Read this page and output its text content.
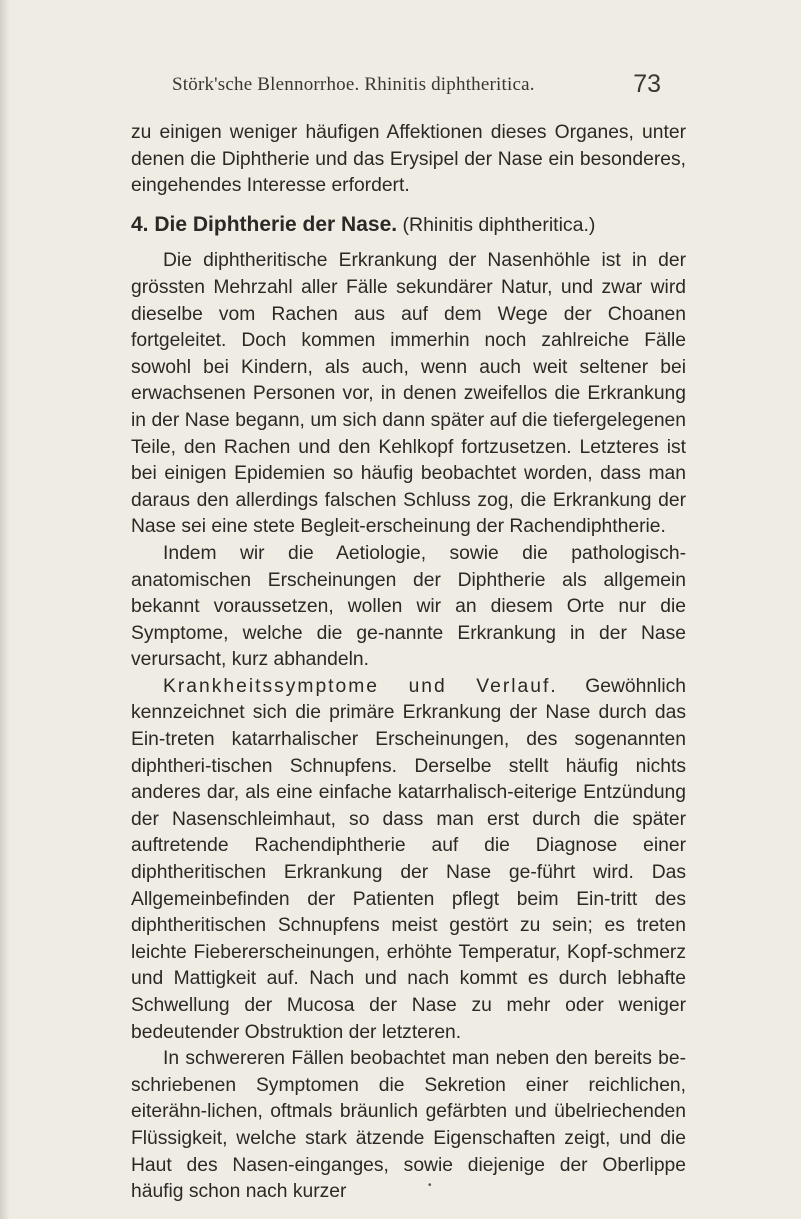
Störk'sche Blennorrhoe. Rhinitis diphtheritica.	73

zu einigen weniger häufigen Affektionen dieses Organes, unter denen die Diphtherie und das Erysipel der Nase ein besonderes, eingehendes Interesse erfordert.

4. Die Diphtherie der Nase. (Rhinitis diphtheritica.)

Die diphtheritische Erkrankung der Nasenhöhle ist in der grössten Mehrzahl aller Fälle sekundärer Natur, und zwar wird dieselbe vom Rachen aus auf dem Wege der Choanen fortgeleitet. Doch kommen immerhin noch zahlreiche Fälle sowohl bei Kindern, als auch, wenn auch weit seltener bei erwachsenen Personen vor, in denen zweifellos die Erkrankung in der Nase begann, um sich dann später auf die tiefergelegenen Teile, den Rachen und den Kehlkopf fortzusetzen. Letzteres ist bei einigen Epidemien so häufig beobachtet worden, dass man daraus den allerdings falschen Schluss zog, die Erkrankung der Nase sei eine stete Begleit-erscheinung der Rachendiphtherie.

Indem wir die Aetiologie, sowie die pathologisch-anatomischen Erscheinungen der Diphtherie als allgemein bekannt voraussetzen, wollen wir an diesem Orte nur die Symptome, welche die ge-nannte Erkrankung in der Nase verursacht, kurz abhandeln.

Krankheitssymptome und Verlauf. Gewöhnlich kennzeichnet sich die primäre Erkrankung der Nase durch das Ein-treten katarrhalischer Erscheinungen, des sogenannten diphtheri-tischen Schnupfens. Derselbe stellt häufig nichts anderes dar, als eine einfache katarrhalisch-eiterige Entzündung der Nasenschleimhaut, so dass man erst durch die später auftretende Rachendiphtherie auf die Diagnose einer diphtheritischen Erkrankung der Nase ge-führt wird. Das Allgemeinbefinden der Patienten pflegt beim Ein-tritt des diphtheritischen Schnupfens meist gestört zu sein; es treten leichte Fiebererscheinungen, erhöhte Temperatur, Kopf-schmerz und Mattigkeit auf. Nach und nach kommt es durch lebhafte Schwellung der Mucosa der Nase zu mehr oder weniger bedeutender Obstruktion der letzteren.

In schwereren Fällen beobachtet man neben den bereits be-schriebenen Symptomen die Sekretion einer reichlichen, eiterähn-lichen, oftmals bräunlich gefärbten und übelriechenden Flüssigkeit, welche stark ätzende Eigenschaften zeigt, und die Haut des Nasen-einganges, sowie diejenige der Oberlippe häufig schon nach kurzer	•
